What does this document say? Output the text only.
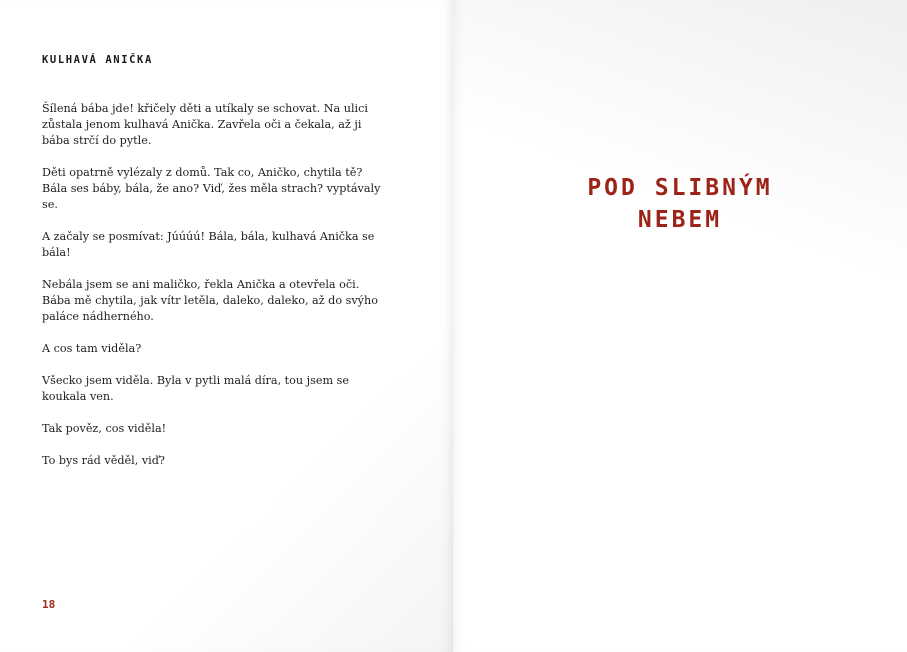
KULHAVÁ ANIČKA

Šílená bába jde! křičely děti a utíkaly se schovat. Na ulici zůstala jenom kulhavá Anička. Zavřela oči a čekala, až ji bába strčí do pytle.

Děti opatrně vylézaly z domů. Tak co, Aničko, chytila tě? Bála ses báby, bála, že ano? Viď, žes měla strach? vyptávaly se.

A začaly se posmívat: Júúúú! Bála, bála, kulhavá Anička se bála!

Nebála jsem se ani maličko, řekla Anička a otevřela oči. Bába mě chytila, jak vítr letěla, daleko, daleko, až do svýho paláce nádherného.

A cos tam viděla?

Všecko jsem viděla. Byla v pytli malá díra, tou jsem se koukala ven.

Tak pověz, cos viděla!

To bys rád věděl, viď?

18
POD SLIBNÝM
NEBEM
